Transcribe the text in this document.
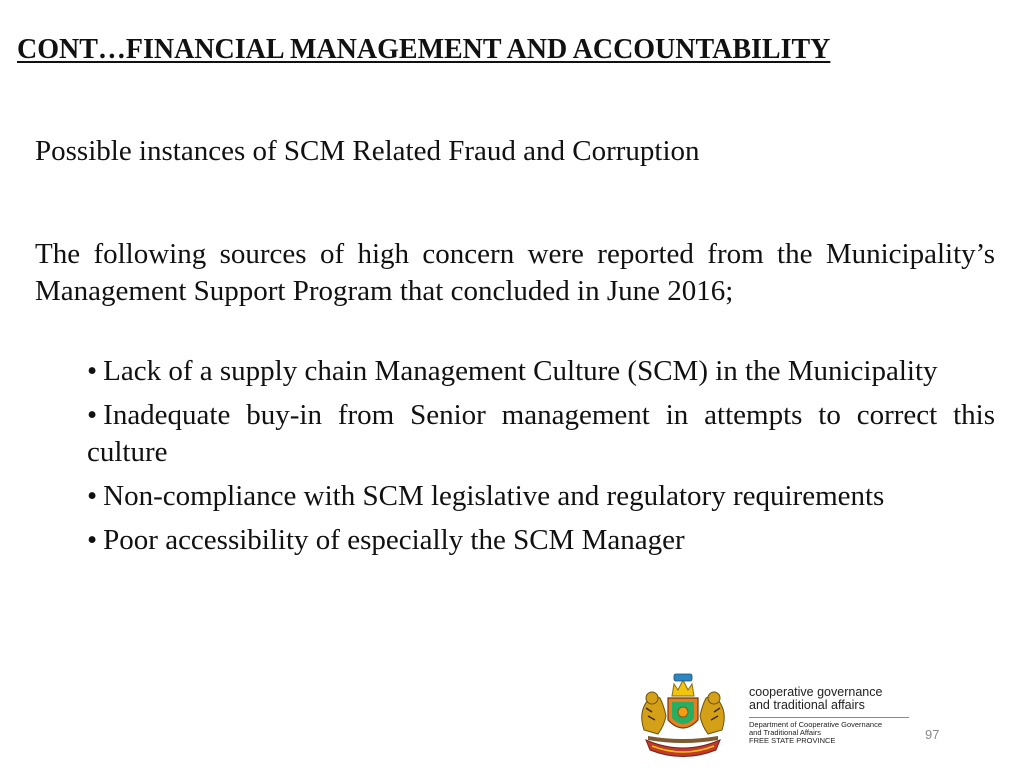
CONT…FINANCIAL MANAGEMENT AND ACCOUNTABILITY
Possible instances of SCM Related Fraud and Corruption

The following sources of high concern were reported from the Municipality’s Management Support Program that concluded in June 2016;

• Lack of a supply chain Management Culture (SCM) in the Municipality
• Inadequate buy-in from Senior management in attempts to correct this culture
• Non-compliance with SCM legislative and regulatory requirements
• Poor accessibility of especially the SCM Manager
cooperative governance
and traditional affairs
Department of Cooperative Governance
and Traditional Affairs
FREE STATE PROVINCE	97
